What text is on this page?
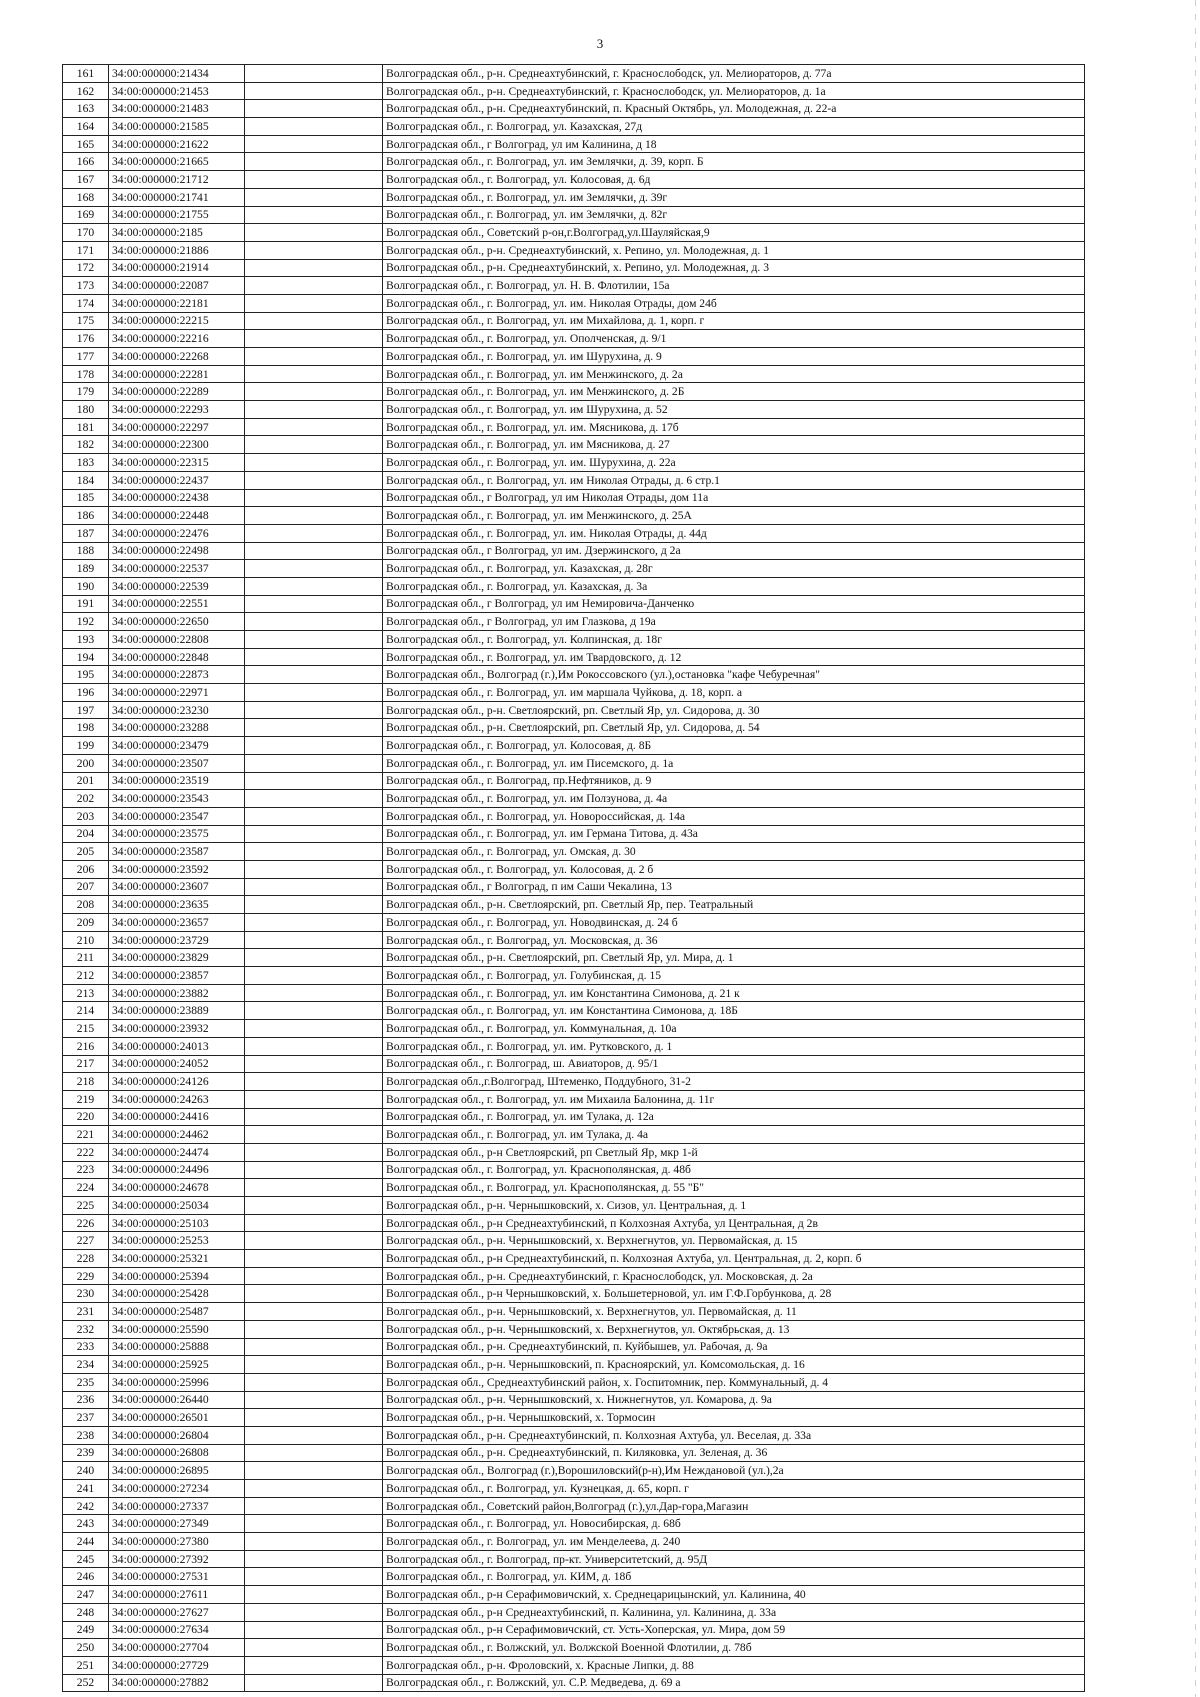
3
161	34:00:000000:21434		Волгоградская обл., р-н. Среднеахтубинский, г. Краснослободск, ул. Мелиораторов, д. 77а
162	34:00:000000:21453		Волгоградская обл., р-н. Среднеахтубинский, г. Краснослободск, ул. Мелиораторов, д. 1а
163	34:00:000000:21483		Волгоградская обл., р-н. Среднеахтубинский, п. Красный Октябрь, ул. Молодежная, д. 22-а
164	34:00:000000:21585		Волгоградская обл., г. Волгоград, ул. Казахская, 27д
165	34:00:000000:21622		Волгоградская обл., г Волгоград, ул им Калинина, д 18
166	34:00:000000:21665		Волгоградская обл., г. Волгоград, ул. им Землячки, д. 39, корп. Б
167	34:00:000000:21712		Волгоградская обл., г. Волгоград, ул. Колосовая, д. 6д
168	34:00:000000:21741		Волгоградская обл., г. Волгоград, ул. им Землячки, д. 39г
169	34:00:000000:21755		Волгоградская обл., г. Волгоград, ул. им Землячки, д. 82г
170	34:00:000000:2185		Волгоградская обл., Советский р-он,г.Волгоград,ул.Шауляйская,9
171	34:00:000000:21886		Волгоградская обл., р-н. Среднеахтубинский, х. Репино, ул. Молодежная, д. 1
172	34:00:000000:21914		Волгоградская обл., р-н. Среднеахтубинский, х. Репино, ул. Молодежная, д. 3
173	34:00:000000:22087		Волгоградская обл., г. Волгоград, ул. Н. В. Флотилии, 15а
174	34:00:000000:22181		Волгоградская обл., г. Волгоград, ул. им. Николая Отрады, дом 24б
175	34:00:000000:22215		Волгоградская обл., г. Волгоград, ул. им Михайлова, д. 1, корп. г
176	34:00:000000:22216		Волгоградская обл., г. Волгоград, ул. Ополченская, д. 9/1
177	34:00:000000:22268		Волгоградская обл., г. Волгоград, ул. им Шурухина, д. 9
178	34:00:000000:22281		Волгоградская обл., г. Волгоград, ул. им Менжинского, д. 2а
179	34:00:000000:22289		Волгоградская обл., г. Волгоград, ул. им Менжинского, д. 2Б
180	34:00:000000:22293		Волгоградская обл., г. Волгоград, ул. им Шурухина, д. 52
181	34:00:000000:22297		Волгоградская обл., г. Волгоград, ул. им. Мясникова, д. 17б
182	34:00:000000:22300		Волгоградская обл., г. Волгоград, ул. им Мясникова, д. 27
183	34:00:000000:22315		Волгоградская обл., г. Волгоград, ул. им. Шурухина, д. 22а
184	34:00:000000:22437		Волгоградская обл., г. Волгоград, ул. им Николая Отрады, д. 6 стр.1
185	34:00:000000:22438		Волгоградская обл., г Волгоград, ул им Николая Отрады, дом 11а
186	34:00:000000:22448		Волгоградская обл., г. Волгоград, ул. им Менжинского, д. 25А
187	34:00:000000:22476		Волгоградская обл., г. Волгоград, ул. им. Николая Отрады, д. 44д
188	34:00:000000:22498		Волгоградская обл., г Волгоград, ул им. Дзержинского, д 2а
189	34:00:000000:22537		Волгоградская обл., г. Волгоград, ул. Казахская, д. 28г
190	34:00:000000:22539		Волгоградская обл., г. Волгоград, ул. Казахская, д. 3а
191	34:00:000000:22551		Волгоградская обл., г Волгоград, ул им Немировича-Данченко
192	34:00:000000:22650		Волгоградская обл., г Волгоград, ул им Глазкова, д 19а
193	34:00:000000:22808		Волгоградская обл., г. Волгоград, ул. Колпинская, д. 18г
194	34:00:000000:22848		Волгоградская обл., г. Волгоград, ул. им Твардовского, д. 12
195	34:00:000000:22873		Волгоградская обл., Волгоград (г.),Им Рокоссовского (ул.),остановка "кафе Чебуречная"
196	34:00:000000:22971		Волгоградская обл., г. Волгоград, ул. им маршала Чуйкова, д. 18, корп. а
197	34:00:000000:23230		Волгоградская обл., р-н. Светлоярский, рп. Светлый Яр, ул. Сидорова, д. 30
198	34:00:000000:23288		Волгоградская обл., р-н. Светлоярский, рп. Светлый Яр, ул. Сидорова, д. 54
199	34:00:000000:23479		Волгоградская обл., г. Волгоград, ул. Колосовая, д. 8Б
200	34:00:000000:23507		Волгоградская обл., г. Волгоград, ул. им Писемского, д. 1а
201	34:00:000000:23519		Волгоградская обл., г. Волгоград, пр.Нефтяников, д. 9
202	34:00:000000:23543		Волгоградская обл., г. Волгоград, ул. им Ползунова, д. 4а
203	34:00:000000:23547		Волгоградская обл., г. Волгоград, ул. Новороссийская, д. 14а
204	34:00:000000:23575		Волгоградская обл., г. Волгоград, ул. им Германа Титова, д. 43а
205	34:00:000000:23587		Волгоградская обл., г. Волгоград, ул. Омская, д. 30
206	34:00:000000:23592		Волгоградская обл., г. Волгоград, ул. Колосовая, д. 2 б
207	34:00:000000:23607		Волгоградская обл., г Волгоград, п им Саши Чекалина, 13
208	34:00:000000:23635		Волгоградская обл., р-н. Светлоярский, рп. Светлый Яр, пер. Театральный
209	34:00:000000:23657		Волгоградская обл., г. Волгоград, ул. Новодвинская, д. 24 б
210	34:00:000000:23729		Волгоградская обл., г. Волгоград, ул. Московская, д. 36
211	34:00:000000:23829		Волгоградская обл., р-н. Светлоярский, рп. Светлый Яр, ул. Мира, д. 1
212	34:00:000000:23857		Волгоградская обл., г. Волгоград, ул. Голубинская, д. 15
213	34:00:000000:23882		Волгоградская обл., г. Волгоград, ул. им Константина Симонова, д. 21 к
214	34:00:000000:23889		Волгоградская обл., г. Волгоград, ул. им Константина Симонова, д. 18Б
215	34:00:000000:23932		Волгоградская обл., г. Волгоград, ул. Коммунальная, д. 10а
216	34:00:000000:24013		Волгоградская обл., г. Волгоград, ул. им. Рутковского, д. 1
217	34:00:000000:24052		Волгоградская обл., г. Волгоград, ш. Авиаторов, д. 95/1
218	34:00:000000:24126		Волгоградская обл.,г.Волгоград, Штеменко, Поддубного, 31-2
219	34:00:000000:24263		Волгоградская обл., г. Волгоград, ул. им Михаила Балонина, д. 11г
220	34:00:000000:24416		Волгоградская обл., г. Волгоград, ул. им Тулака, д. 12а
221	34:00:000000:24462		Волгоградская обл., г. Волгоград, ул. им Тулака, д. 4а
222	34:00:000000:24474		Волгоградская обл., р-н Светлоярский, рп Светлый Яр, мкр 1-й
223	34:00:000000:24496		Волгоградская обл., г. Волгоград, ул. Краснополянская, д. 48б
224	34:00:000000:24678		Волгоградская обл., г. Волгоград, ул. Краснополянская, д. 55 "Б"
225	34:00:000000:25034		Волгоградская обл., р-н. Чернышковский, х. Сизов, ул. Центральная, д. 1
226	34:00:000000:25103		Волгоградская обл., р-н Среднеахтубинский, п Колхозная Ахтуба, ул Центральная, д 2в
227	34:00:000000:25253		Волгоградская обл., р-н. Чернышковский, х. Верхнегнутов, ул. Первомайская, д. 15
228	34:00:000000:25321		Волгоградская обл., р-н Среднеахтубинский, п. Колхозная Ахтуба, ул. Центральная, д. 2, корп. б
229	34:00:000000:25394		Волгоградская обл., р-н. Среднеахтубинский, г. Краснослободск, ул. Московская, д. 2а
230	34:00:000000:25428		Волгоградская обл., р-н Чернышковский, х. Большетерновой, ул. им Г.Ф.Горбункова, д. 28
231	34:00:000000:25487		Волгоградская обл., р-н. Чернышковский, х. Верхнегнутов, ул. Первомайская, д. 11
232	34:00:000000:25590		Волгоградская обл., р-н. Чернышковский, х. Верхнегнутов, ул. Октябрьская, д. 13
233	34:00:000000:25888		Волгоградская обл., р-н. Среднеахтубинский, п. Куйбышев, ул. Рабочая, д. 9а
234	34:00:000000:25925		Волгоградская обл., р-н. Чернышковский, п. Красноярский, ул. Комсомольская, д. 16
235	34:00:000000:25996		Волгоградская обл., Среднеахтубинский район, х. Госпитомник, пер. Коммунальный, д. 4
236	34:00:000000:26440		Волгоградская обл., р-н. Чернышковский, х. Нижнегнутов, ул. Комарова, д. 9а
237	34:00:000000:26501		Волгоградская обл., р-н. Чернышковский, х. Тормосин
238	34:00:000000:26804		Волгоградская обл., р-н. Среднеахтубинский, п. Колхозная Ахтуба, ул. Веселая, д. 33а
239	34:00:000000:26808		Волгоградская обл., р-н. Среднеахтубинский, п. Киляковка, ул. Зеленая, д. 36
240	34:00:000000:26895		Волгоградская обл., Волгоград (г.),Ворошиловский(р-н),Им Неждановой (ул.),2а
241	34:00:000000:27234		Волгоградская обл., г. Волгоград, ул. Кузнецкая, д. 65, корп. г
242	34:00:000000:27337		Волгоградская обл., Советский район,Волгоград (г.),ул.Дар-гора,Магазин
243	34:00:000000:27349		Волгоградская обл., г. Волгоград, ул. Новосибирская, д. 68б
244	34:00:000000:27380		Волгоградская обл., г. Волгоград, ул. им Менделеева, д. 240
245	34:00:000000:27392		Волгоградская обл., г. Волгоград, пр-кт. Университетский, д. 95Д
246	34:00:000000:27531		Волгоградская обл., г. Волгоград, ул. КИМ, д. 18б
247	34:00:000000:27611		Волгоградская обл., р-н Серафимовичский, х. Среднецарицынский, ул. Калинина, 40
248	34:00:000000:27627		Волгоградская обл., р-н Среднеахтубинский, п. Калинина, ул. Калинина, д. 33а
249	34:00:000000:27634		Волгоградская обл., р-н Серафимовичский, ст. Усть-Хоперская, ул. Мира, дом 59
250	34:00:000000:27704		Волгоградская обл., г. Волжский, ул. Волжской Военной Флотилии, д. 78б
251	34:00:000000:27729		Волгоградская обл., р-н. Фроловский, х. Красные Липки, д. 88
252	34:00:000000:27882		Волгоградская обл., г. Волжский, ул. С.Р. Медведева, д. 69 а
